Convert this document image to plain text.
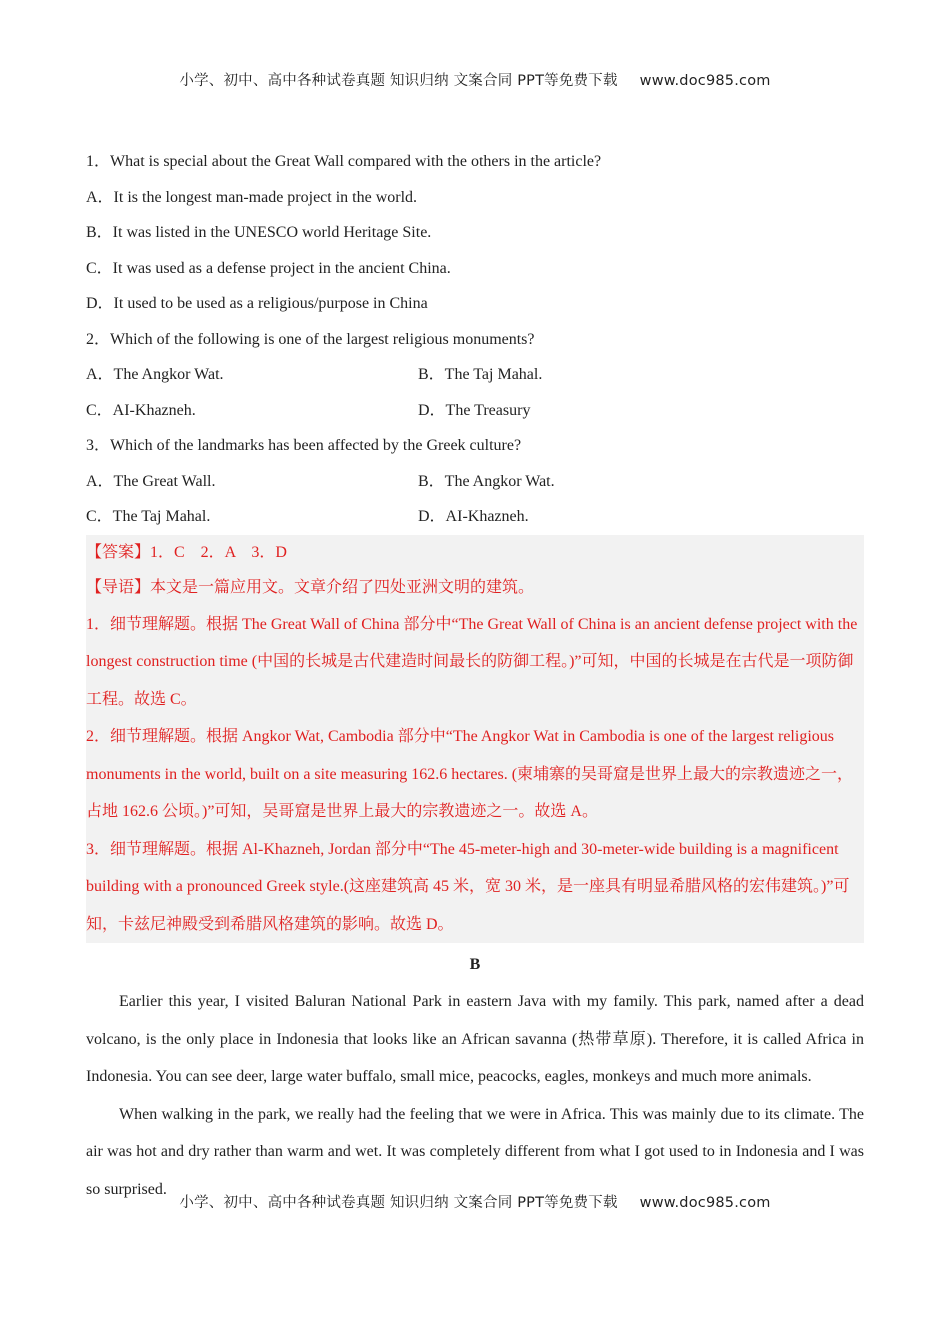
小学、初中、高中各种试卷真题 知识归纳 文案合同 PPT等免费下载 www.doc985.com
1．What is special about the Great Wall compared with the others in the article?
A．It is the longest man-made project in the world.
B．It was listed in the UNESCO world Heritage Site.
C．It was used as a defense project in the ancient China.
D．It used to be used as a religious/purpose in China
2．Which of the following is one of the largest religious monuments?
A．The Angkor Wat.	B．The Taj Mahal.
C．AI-Khazneh.	D．The Treasury
3．Which of the landmarks has been affected by the Greek culture?
A．The Great Wall.	B．The Angkor Wat.
C．The Taj Mahal.	D．AI-Khazneh.
【答案】1．C　2．A　3．D
【导语】本文是一篇应用文。文章介绍了四处亚洲文明的建筑。
1．细节理解题。根据 The Great Wall of China 部分中“The Great Wall of China is an ancient defense project with the longest construction time (中国的长城是古代建造时间最长的防御工程。)”可知，中国的长城是在古代是一项防御工程。故选 C。
2．细节理解题。根据 Angkor Wat, Cambodia 部分中“The Angkor Wat in Cambodia is one of the largest religious monuments in the world, built on a site measuring 162.6 hectares. (柬埔寨的吴哥窟是世界上最大的宗教遗迹之一，占地 162.6 公顷。)”可知，吴哥窟是世界上最大的宗教遗迹之一。故选 A。
3．细节理解题。根据 Al-Khazneh, Jordan 部分中“The 45-meter-high and 30-meter-wide building is a magnificent building with a pronounced Greek style.(这座建筑高 45 米，宽 30 米，是一座具有明显希腊风格的宏伟建筑。)”可知，卡兹尼神殿受到希腊风格建筑的影响。故选 D。
B
Earlier this year, I visited Baluran National Park in eastern Java with my family. This park, named after a dead volcano, is the only place in Indonesia that looks like an African savanna (热带草原). Therefore, it is called Africa in Indonesia. You can see deer, large water buffalo, small mice, peacocks, eagles, monkeys and much more animals.
When walking in the park, we really had the feeling that we were in Africa. This was mainly due to its climate. The air was hot and dry rather than warm and wet. It was completely different from what I got used to in Indonesia and I was so surprised.
小学、初中、高中各种试卷真题 知识归纳 文案合同 PPT等免费下载 www.doc985.com
